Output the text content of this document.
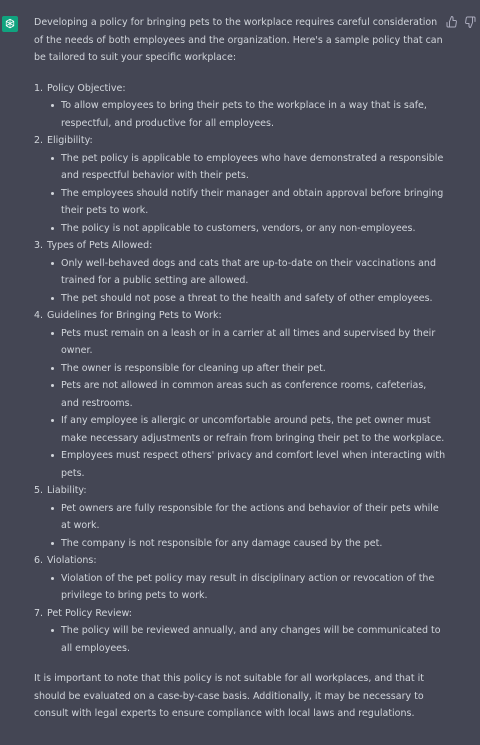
Developing a policy for bringing pets to the workplace requires careful consideration of the needs of both employees and the organization. Here's a sample policy that can be tailored to suit your specific workplace:

1. Policy Objective:
To allow employees to bring their pets to the workplace in a way that is safe, respectful, and productive for all employees.
2. Eligibility:
The pet policy is applicable to employees who have demonstrated a responsible and respectful behavior with their pets.
The employees should notify their manager and obtain approval before bringing their pets to work.
The policy is not applicable to customers, vendors, or any non-employees.
3. Types of Pets Allowed:
Only well-behaved dogs and cats that are up-to-date on their vaccinations and trained for a public setting are allowed.
The pet should not pose a threat to the health and safety of other employees.
4. Guidelines for Bringing Pets to Work:
Pets must remain on a leash or in a carrier at all times and supervised by their owner.
The owner is responsible for cleaning up after their pet.
Pets are not allowed in common areas such as conference rooms, cafeterias, and restrooms.
If any employee is allergic or uncomfortable around pets, the pet owner must make necessary adjustments or refrain from bringing their pet to the workplace.
Employees must respect others' privacy and comfort level when interacting with pets.
5. Liability:
Pet owners are fully responsible for the actions and behavior of their pets while at work.
The company is not responsible for any damage caused by the pet.
6. Violations:
Violation of the pet policy may result in disciplinary action or revocation of the privilege to bring pets to work.
7. Pet Policy Review:
The policy will be reviewed annually, and any changes will be communicated to all employees.

It is important to note that this policy is not suitable for all workplaces, and that it should be evaluated on a case-by-case basis. Additionally, it may be necessary to consult with legal experts to ensure compliance with local laws and regulations.
